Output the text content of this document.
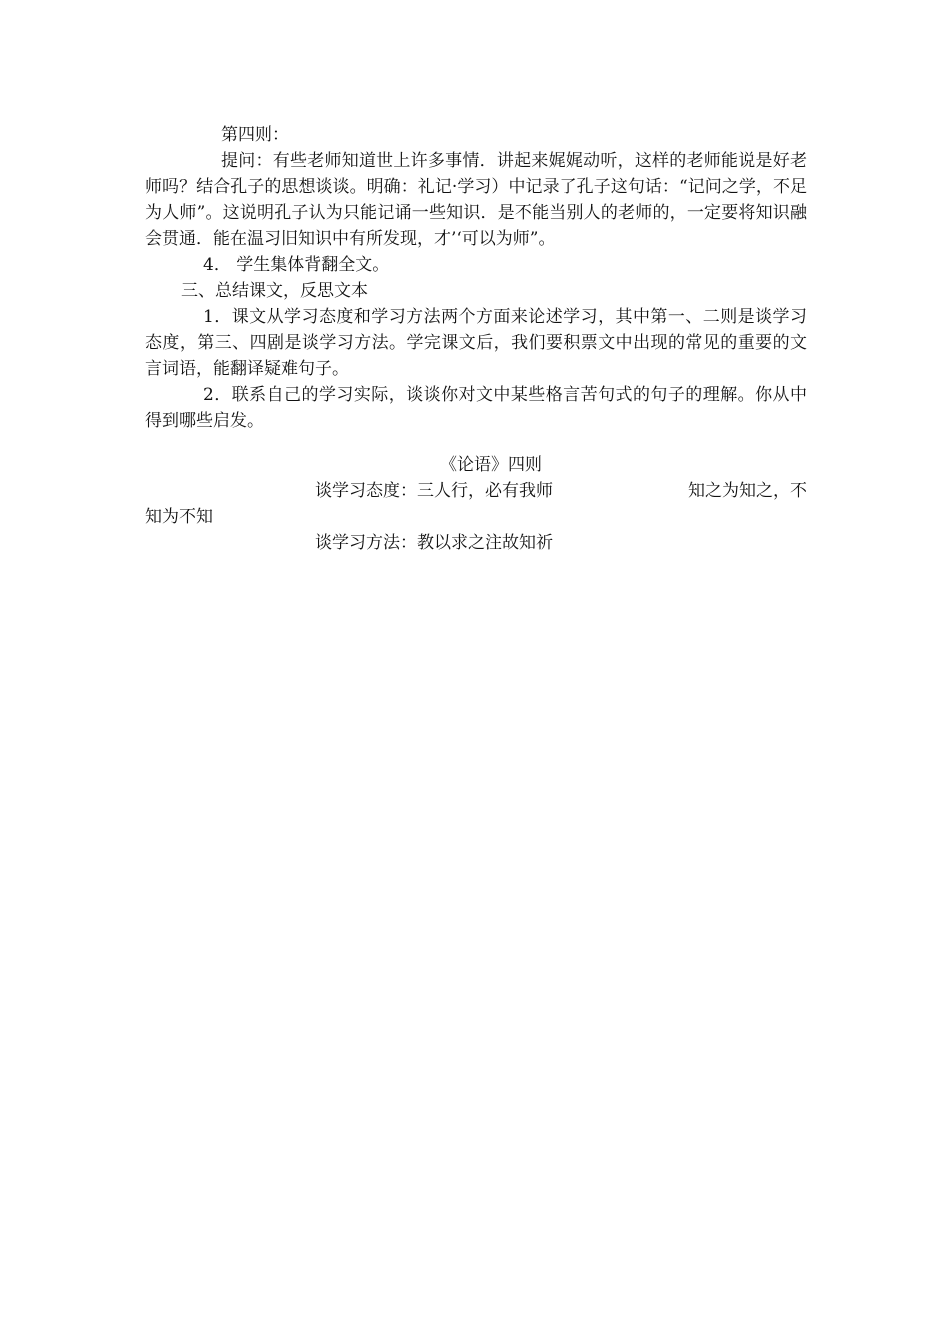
第四则：
提问：有些老师知道世上许多事情．讲起来娓娓动听，这样的老师能说是好老师吗？结合孔子的思想谈谈。明确：礼记·学习）中记录了孔子这句话：“记问之学，不足为人师”。这说明孔子认为只能记诵一些知识．是不能当别人的老师的，一定要将知识融会贯通．能在温习旧知识中有所发现，才’‘可以为师”。
4． 学生集体背翻全文。
三、总结课文，反思文本
1．课文从学习态度和学习方法两个方面来论述学习，其中第一、二则是谈学习态度，第三、四剧是谈学习方法。学完课文后，我们要积票文中出现的常见的重要的文言词语，能翻译疑难句子。
2．联系自己的学习实际，谈谈你对文中某些格言苦句式的句子的理解。你从中得到哪些启发。
《论语》四则
谈学习态度：三人行，必有我师	知之为知之，不
知为不知
谈学习方法：教以求之注故知祈
